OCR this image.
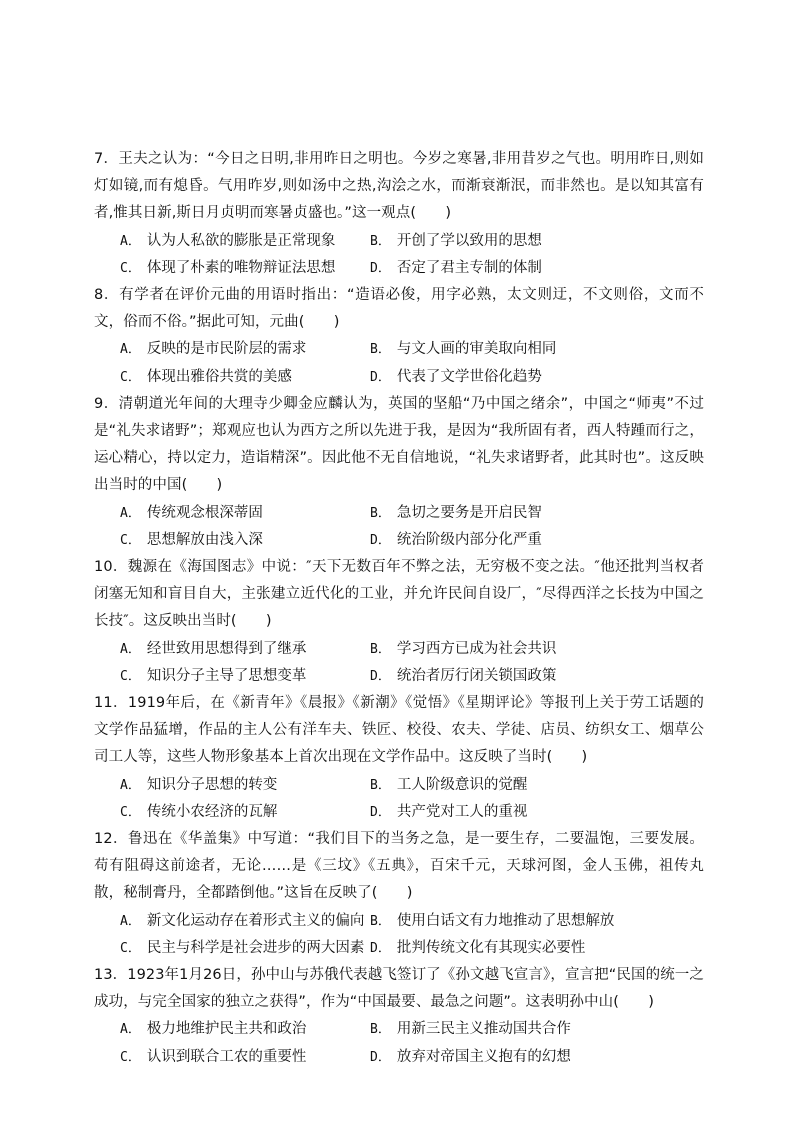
7．王夫之认为：“今日之日明,非用昨日之明也。今岁之寒暑,非用昔岁之气也。明用昨日,则如灯如镜,而有熄昏。气用昨岁,则如汤中之热,沟浍之水，而渐衰渐泯，而非然也。是以知其富有者,惟其日新,斯日月贞明而寒暑贞盛也。”这一观点(　　)

A． 认为人私欲的膨胀是正常现象	B． 开创了学以致用的思想
C． 体现了朴素的唯物辩证法思想	D． 否定了君主专制的体制

8．有学者在评价元曲的用语时指出：“造语必俊，用字必熟，太文则迂，不文则俗，文而不文，俗而不俗。”据此可知，元曲(　　)

A． 反映的是市民阶层的需求	B． 与文人画的审美取向相同
C． 体现出雅俗共赏的美感	D． 代表了文学世俗化趋势

9．清朝道光年间的大理寺少卿金应麟认为，英国的坚船“乃中国之绪余”，中国之“师夷”不过是“礼失求诸野”；郑观应也认为西方之所以先进于我，是因为“我所固有者，西人特踵而行之，运心精心，持以定力，造诣精深”。因此他不无自信地说，“礼失求诸野者，此其时也”。这反映出当时的中国(　　)

A． 传统观念根深蒂固	B． 急切之要务是开启民智
C． 思想解放由浅入深	D． 统治阶级内部分化严重

10．魏源在《海国图志》中说：″天下无数百年不弊之法，无穷极不变之法。″他还批判当权者闭塞无知和盲目自大，主张建立近代化的工业，并允许民间自设厂，″尽得西洋之长技为中国之长技″。这反映出当时(　　)

A． 经世致用思想得到了继承	B． 学习西方已成为社会共识
C． 知识分子主导了思想变革	D． 统治者厉行闭关锁国政策

11．1919年后，在《新青年》《晨报》《新潮》《觉悟》《星期评论》等报刊上关于劳工话题的文学作品猛增，作品的主人公有洋车夫、铁匠、校役、农夫、学徒、店员、纺织女工、烟草公司工人等，这些人物形象基本上首次出现在文学作品中。这反映了当时(　　)

A． 知识分子思想的转变	B． 工人阶级意识的觉醒
C． 传统小农经济的瓦解	D． 共产党对工人的重视

12．鲁迅在《华盖集》中写道：“我们目下的当务之急，是一要生存，二要温饱，三要发展。苟有阻碍这前途者，无论……是《三坟》《五典》，百宋千元，天球河图，金人玉佛，祖传丸散，秘制膏丹，全都踏倒他。”这旨在反映了(　　)

A． 新文化运动存在着形式主义的偏向 B． 使用白话文有力地推动了思想解放
C． 民主与科学是社会进步的两大因素 D． 批判传统文化有其现实必要性

13．1923年1月26日，孙中山与苏俄代表越飞签订了《孙文越飞宣言》，宣言把“民国的统一之成功，与完全国家的独立之获得”，作为“中国最要、最急之问题”。这表明孙中山(　　)

A． 极力地维护民主共和政治	B． 用新三民主义推动国共合作
C． 认识到联合工农的重要性	D． 放弃对帝国主义抱有的幻想
